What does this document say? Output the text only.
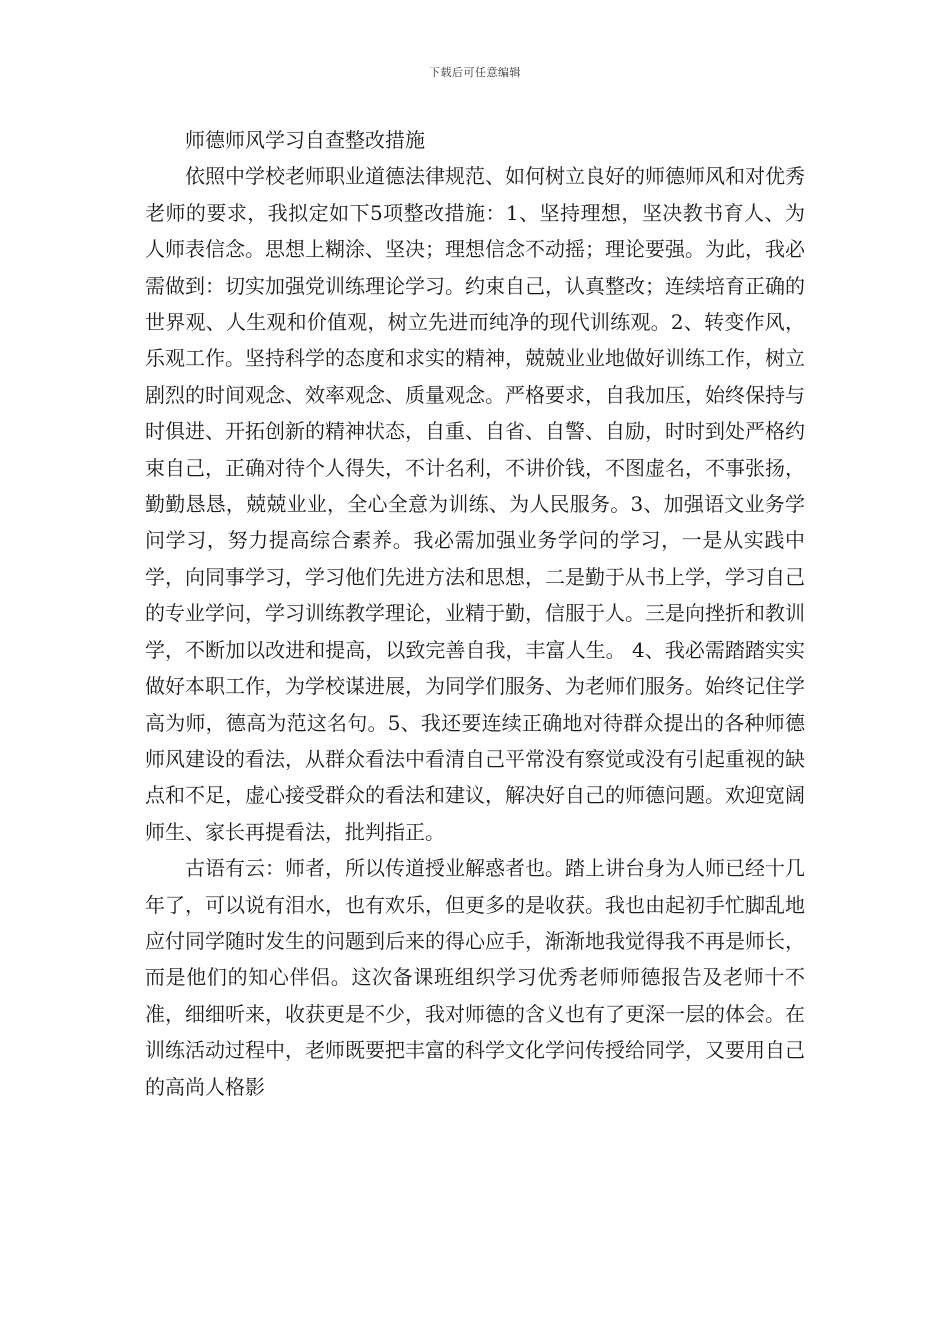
下载后可任意编辑

师德师风学习自查整改措施

依照中学校老师职业道德法律规范、如何树立良好的师德师风和对优秀老师的要求，我拟定如下5项整改措施：1、坚持理想，坚决教书育人、为人师表信念。思想上糊涂、坚决；理想信念不动摇；理论要强。为此，我必需做到：切实加强党训练理论学习。约束自己，认真整改；连续培育正确的世界观、人生观和价值观，树立先进而纯净的现代训练观。2、转变作风，乐观工作。坚持科学的态度和求实的精神，兢兢业业地做好训练工作，树立剧烈的时间观念、效率观念、质量观念。严格要求，自我加压，始终保持与时俱进、开拓创新的精神状态，自重、自省、自警、自励，时时到处严格约束自己，正确对待个人得失，不计名利，不讲价钱，不图虚名，不事张扬，勤勤恳恳，兢兢业业，全心全意为训练、为人民服务。3、加强语文业务学问学习，努力提高综合素养。我必需加强业务学问的学习，一是从实践中学，向同事学习，学习他们先进方法和思想，二是勤于从书上学，学习自己的专业学问，学习训练教学理论，业精于勤，信服于人。三是向挫折和教训学，不断加以改进和提高，以致完善自我，丰富人生。 4、我必需踏踏实实做好本职工作，为学校谋进展，为同学们服务、为老师们服务。始终记住学高为师，德高为范这名句。5、我还要连续正确地对待群众提出的各种师德师风建设的看法，从群众看法中看清自己平常没有察觉或没有引起重视的缺点和不足，虚心接受群众的看法和建议，解决好自己的师德问题。欢迎宽阔师生、家长再提看法，批判指正。

古语有云：师者，所以传道授业解惑者也。踏上讲台身为人师已经十几年了，可以说有泪水，也有欢乐，但更多的是收获。我也由起初手忙脚乱地应付同学随时发生的问题到后来的得心应手，渐渐地我觉得我不再是师长，而是他们的知心伴侣。这次备课班组织学习优秀老师师德报告及老师十不准，细细听来，收获更是不少，我对师德的含义也有了更深一层的体会。在训练活动过程中，老师既要把丰富的科学文化学问传授给同学，又要用自己的高尚人格影
